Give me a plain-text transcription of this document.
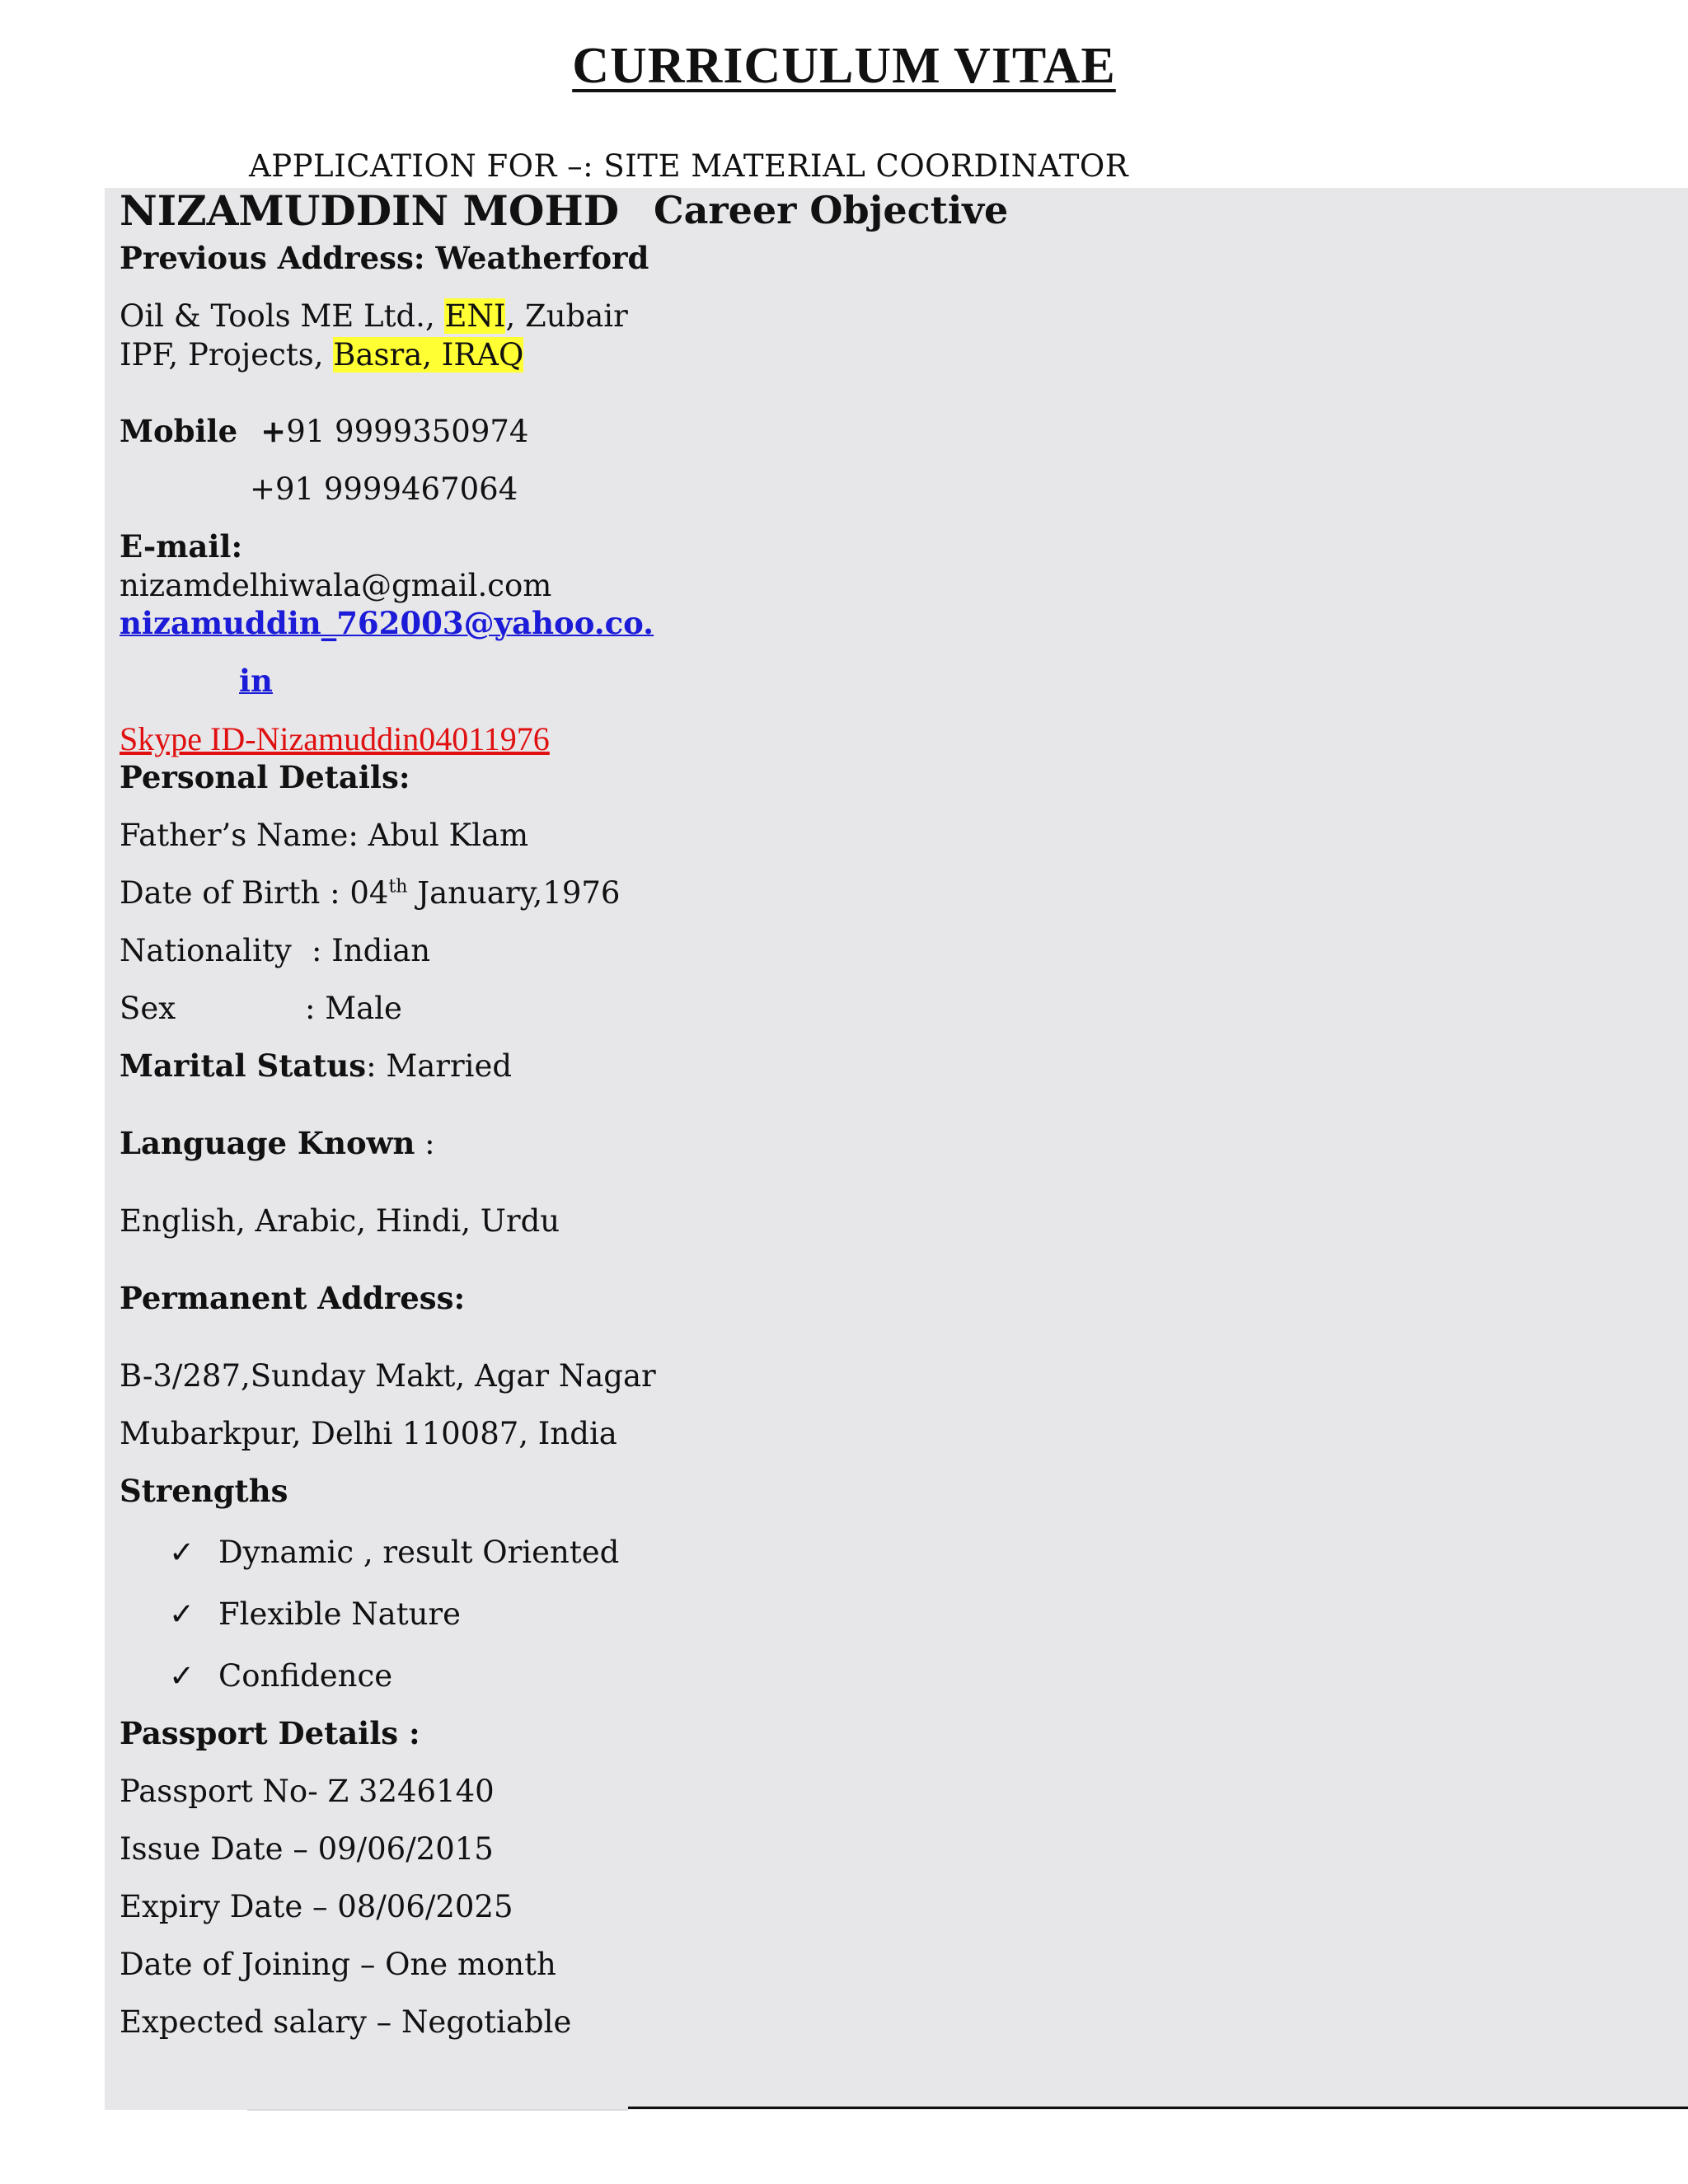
CURRICULUM VITAE
APPLICATION FOR –: SITE MATERIAL COORDINATOR
Career Objective
NIZAMUDDIN MOHD
Previous Address: Weatherford
Oil & Tools ME Ltd., ENI, Zubair
IPF, Projects, Basra, IRAQ
Mobile +91 9999350974
+91 9999467064
E-mail:
nizamdelhiwala@gmail.com
nizamuddin_762003@yahoo.co.
in
Skype ID-Nizamuddin04011976
Personal Details:
Father’s Name: Abul Klam
Date of Birth : 04th January,1976
Nationality : Indian
Sex	: Male
Marital Status: Married
Language Known :
English, Arabic, Hindi, Urdu
Permanent Address:
B-3/287,Sunday Makt, Agar Nagar
Mubarkpur, Delhi 110087, India
Strengths
✓ Dynamic , result Oriented
✓ Flexible Nature
✓ Confidence
Passport Details :
Passport No- Z 3246140
Issue Date – 09/06/2015
Expiry Date – 08/06/2025
Date of Joining – One month
Expected salary – Negotiable
